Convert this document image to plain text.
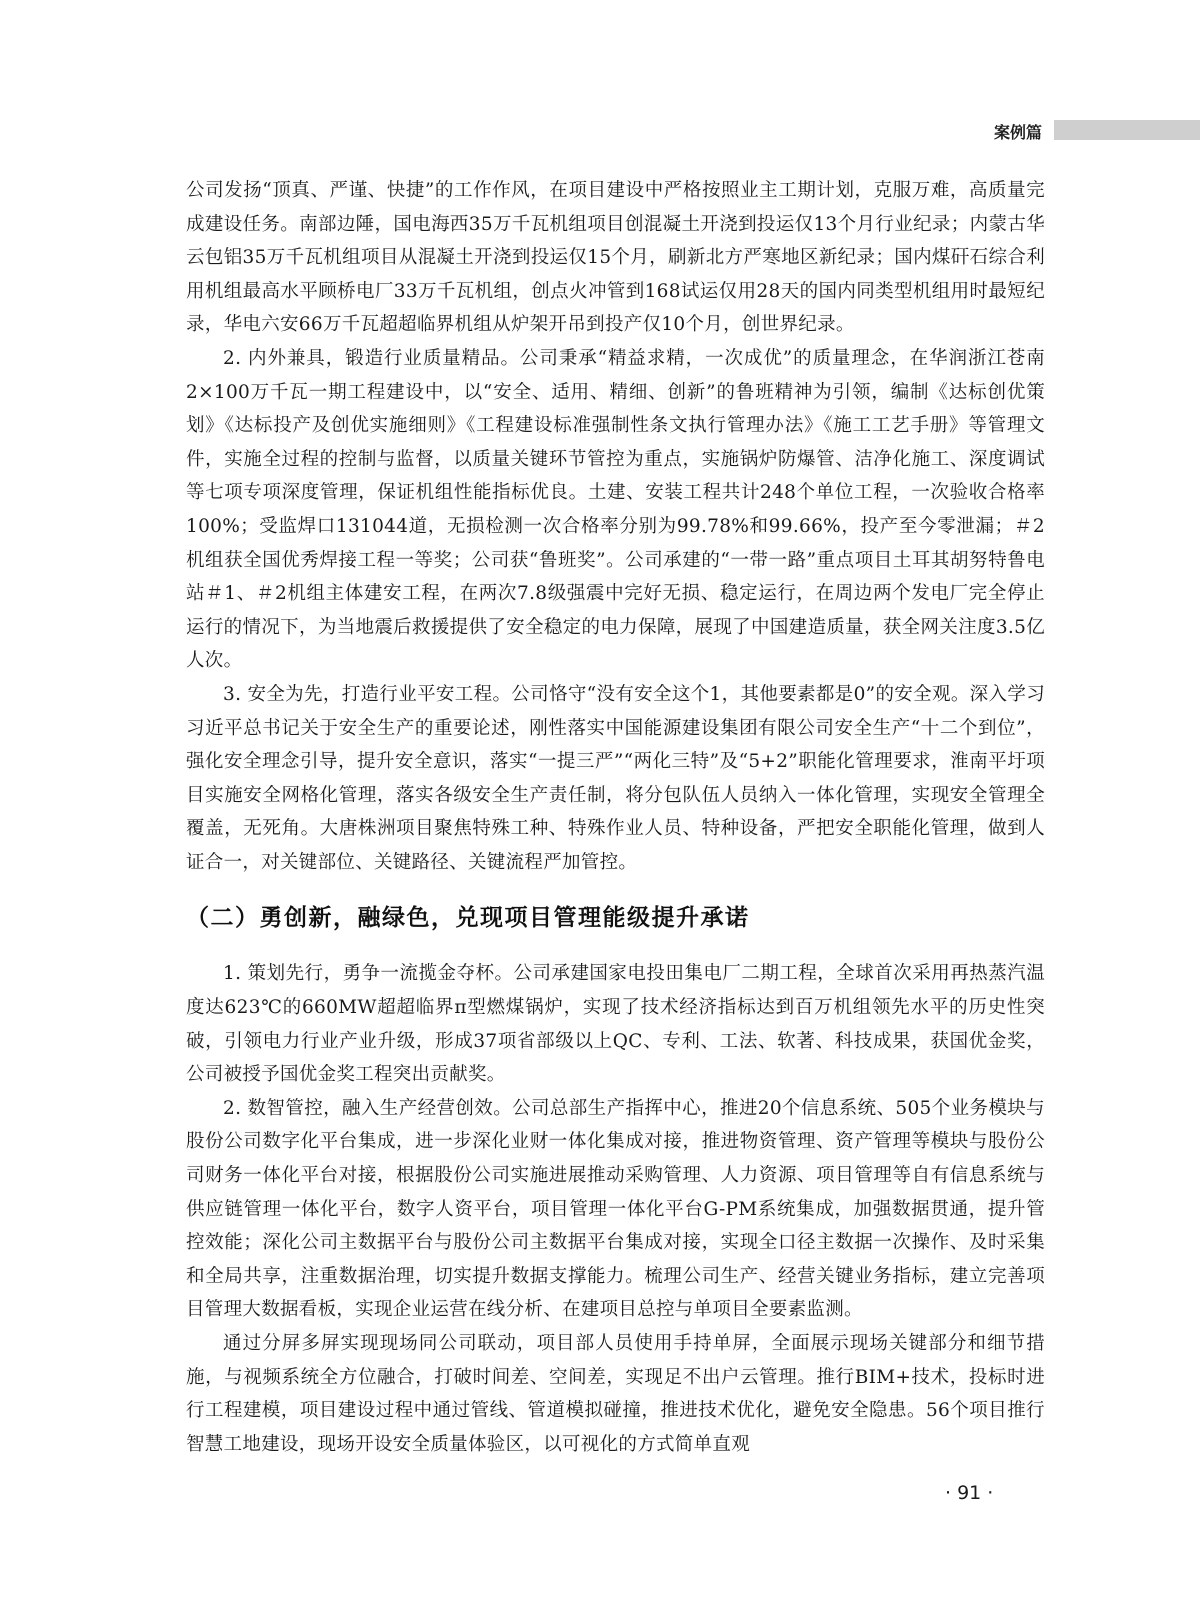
案例篇

公司发扬“顶真、严谨、快捷”的工作作风，在项目建设中严格按照业主工期计划，克服万难，高质量完成建设任务。南部边陲，国电海西35万千瓦机组项目创混凝土开浇到投运仅13个月行业纪录；内蒙古华云包铝35万千瓦机组项目从混凝土开浇到投运仅15个月，刷新北方严寒地区新纪录；国内煤矸石综合利用机组最高水平顾桥电厂33万千瓦机组，创点火冲管到168试运仅用28天的国内同类型机组用时最短纪录，华电六安66万千瓦超超临界机组从炉架开吊到投产仅10个月，创世界纪录。

2. 内外兼具，锻造行业质量精品。公司秉承“精益求精，一次成优”的质量理念，在华润浙江苍南2×100万千瓦一期工程建设中，以“安全、适用、精细、创新”的鲁班精神为引领，编制《达标创优策划》《达标投产及创优实施细则》《工程建设标准强制性条文执行管理办法》《施工工艺手册》等管理文件，实施全过程的控制与监督，以质量关键环节管控为重点，实施锅炉防爆管、洁净化施工、深度调试等七项专项深度管理，保证机组性能指标优良。土建、安装工程共计248个单位工程，一次验收合格率100%；受监焊口131044道，无损检测一次合格率分别为99.78%和99.66%，投产至今零泄漏；＃2机组获全国优秀焊接工程一等奖；公司获“鲁班奖”。公司承建的“一带一路”重点项目土耳其胡努特鲁电站＃1、＃2机组主体建安工程，在两次7.8级强震中完好无损、稳定运行，在周边两个发电厂完全停止运行的情况下，为当地震后救援提供了安全稳定的电力保障，展现了中国建造质量，获全网关注度3.5亿人次。

3. 安全为先，打造行业平安工程。公司恪守“没有安全这个1，其他要素都是0”的安全观。深入学习习近平总书记关于安全生产的重要论述，刚性落实中国能源建设集团有限公司安全生产“十二个到位”，强化安全理念引导，提升安全意识，落实“一提三严”“两化三特”及“5+2”职能化管理要求，淮南平圩项目实施安全网格化管理，落实各级安全生产责任制，将分包队伍人员纳入一体化管理，实现安全管理全覆盖，无死角。大唐株洲项目聚焦特殊工种、特殊作业人员、特种设备，严把安全职能化管理，做到人证合一，对关键部位、关键路径、关键流程严加管控。

（二）勇创新，融绿色，兑现项目管理能级提升承诺

1. 策划先行，勇争一流揽金夺杯。公司承建国家电投田集电厂二期工程，全球首次采用再热蒸汽温度达623℃的660MW超超临界π型燃煤锅炉，实现了技术经济指标达到百万机组领先水平的历史性突破，引领电力行业产业升级，形成37项省部级以上QC、专利、工法、软著、科技成果，获国优金奖，公司被授予国优金奖工程突出贡献奖。

2. 数智管控，融入生产经营创效。公司总部生产指挥中心，推进20个信息系统、505个业务模块与股份公司数字化平台集成，进一步深化业财一体化集成对接，推进物资管理、资产管理等模块与股份公司财务一体化平台对接，根据股份公司实施进展推动采购管理、人力资源、项目管理等自有信息系统与供应链管理一体化平台，数字人资平台，项目管理一体化平台G-PM系统集成，加强数据贯通，提升管控效能；深化公司主数据平台与股份公司主数据平台集成对接，实现全口径主数据一次操作、及时采集和全局共享，注重数据治理，切实提升数据支撑能力。梳理公司生产、经营关键业务指标，建立完善项目管理大数据看板，实现企业运营在线分析、在建项目总控与单项目全要素监测。

通过分屏多屏实现现场同公司联动，项目部人员使用手持单屏，全面展示现场关键部分和细节措施，与视频系统全方位融合，打破时间差、空间差，实现足不出户云管理。推行BIM+技术，投标时进行工程建模，项目建设过程中通过管线、管道模拟碰撞，推进技术优化，避免安全隐患。56个项目推行智慧工地建设，现场开设安全质量体验区，以可视化的方式简单直观

· 91 ·
